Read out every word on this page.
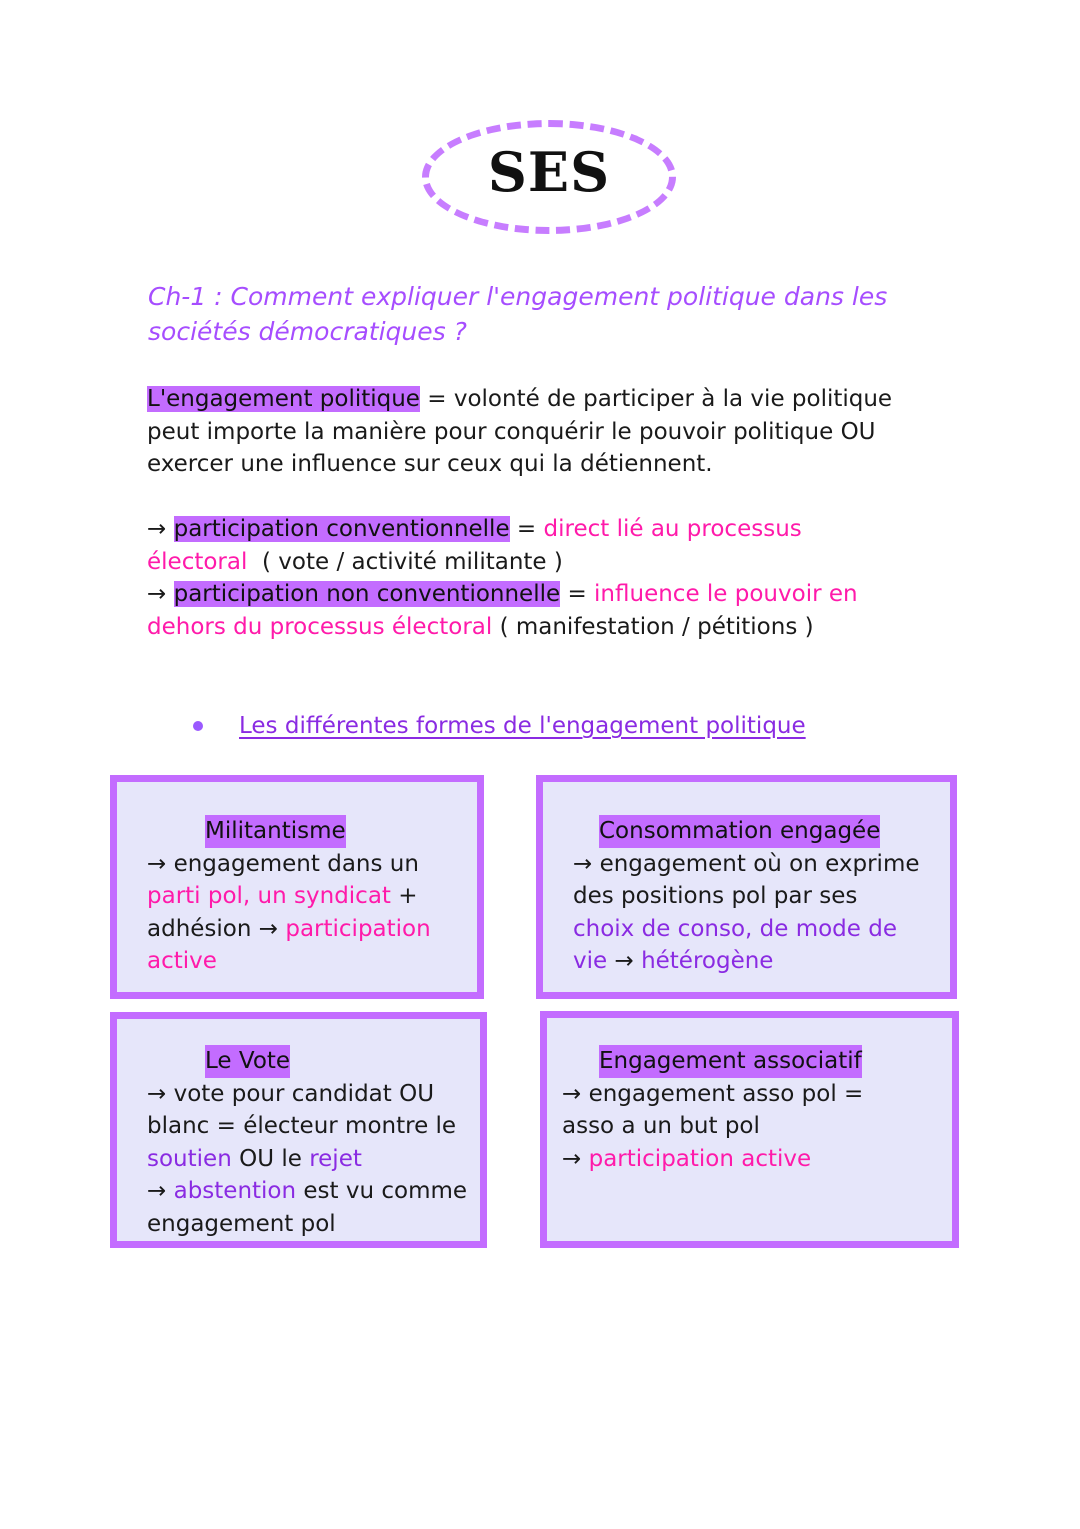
SES
Ch-1 : Comment expliquer l'engagement politique dans les
sociétés démocratiques ?
L'engagement politique = volonté de participer à la vie politique
peut importe la manière pour conquérir le pouvoir politique OU
exercer une influence sur ceux qui la détiennent.
→ participation conventionnelle = direct lié au processus
électoral  ( vote / activité militante )
→ participation non conventionnelle = influence le pouvoir en
dehors du processus électoral ( manifestation / pétitions )
Les différentes formes de l'engagement politique
Militantisme
→ engagement dans un
parti pol, un syndicat +
adhésion → participation
active
Consommation engagée
→ engagement où on exprime
des positions pol par ses
choix de conso, de mode de
vie → hétérogène
Le Vote
→ vote pour candidat OU
blanc = électeur montre le
soutien OU le rejet
→ abstention est vu comme
engagement pol
Engagement associatif
→ engagement asso pol =
asso a un but pol
→ participation active
